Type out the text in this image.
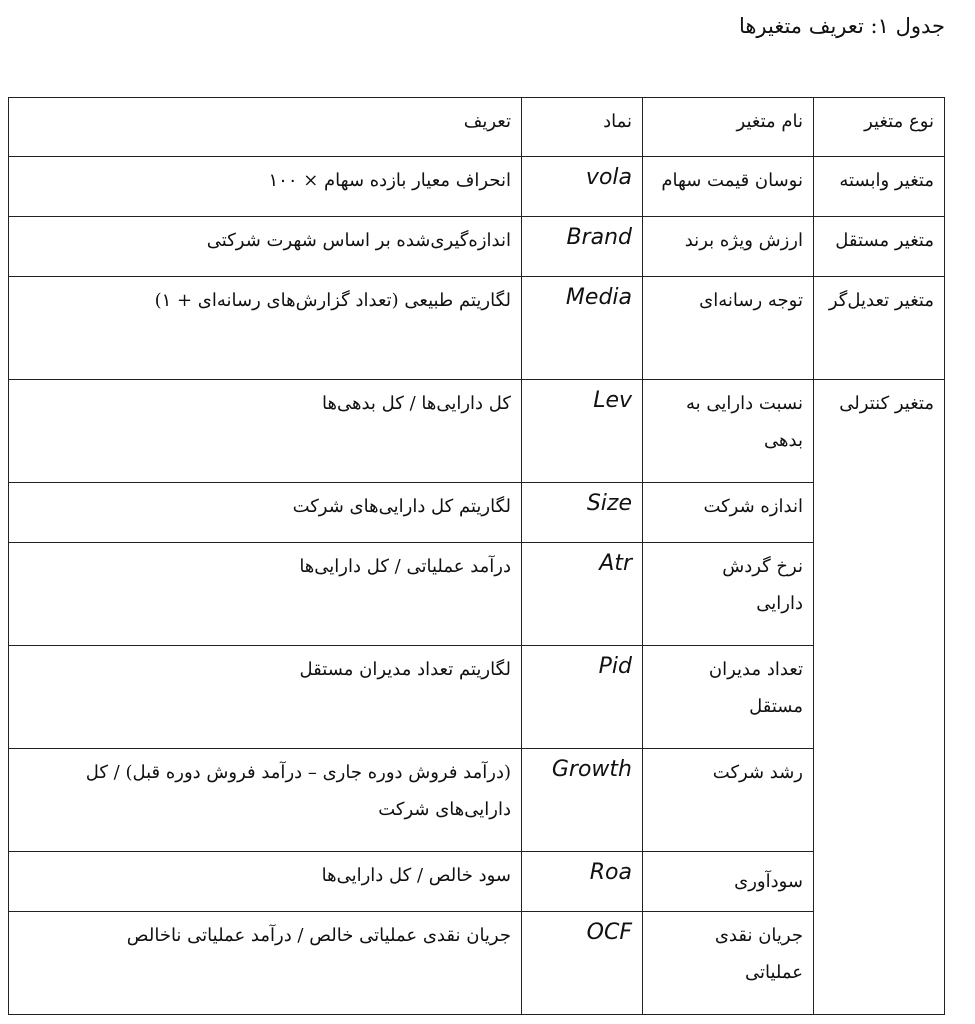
جدول ۱: تعریف متغیرها
نوع متغیر	نام متغیر	نماد	تعریف
متغیر وابسته	نوسان قیمت سهام	vola	انحراف معیار بازده سهام × ۱۰۰
متغیر مستقل	ارزش ویژه برند	Brand	اندازه‌گیری‌شده بر اساس شهرت شرکتی
متغیر تعدیل‌گر	توجه رسانه‌ای	Media	لگاریتم طبیعی (تعداد گزارش‌های رسانه‌ای + ۱)
متغیر کنترلی	نسبت دارایی به بدهی	Lev	کل دارایی‌ها / کل بدهی‌ها
	اندازه شرکت	Size	لگاریتم کل دارایی‌های شرکت
	نرخ گردش دارایی	Atr	درآمد عملیاتی / کل دارایی‌ها
	تعداد مدیران مستقل	Pid	لگاریتم تعداد مدیران مستقل
	رشد شرکت	Growth	(درآمد فروش دوره جاری – درآمد فروش دوره قبل) / کل دارایی‌های شرکت
	سودآوری	Roa	سود خالص / کل دارایی‌ها
	جریان نقدی عملیاتی	OCF	جریان نقدی عملیاتی خالص / درآمد عملیاتی ناخالص
